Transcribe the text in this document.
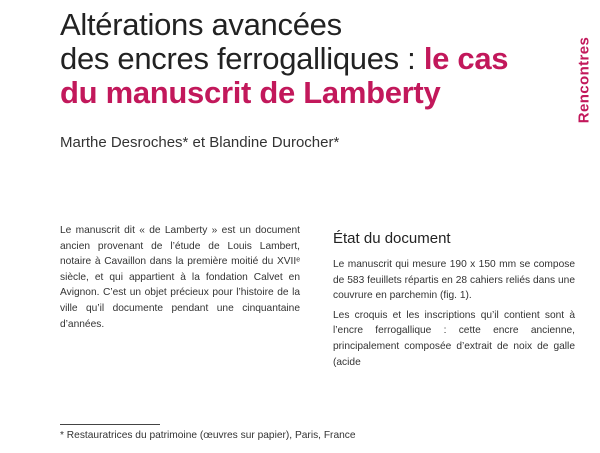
Altérations avancées
des encres ferrogalliques : le cas
du manuscrit de Lamberty
Marthe Desroches* et Blandine Durocher*
Rencontres
Le manuscrit dit « de Lamberty » est un document ancien provenant de l’étude de Louis Lambert, notaire à Cavaillon dans la première moitié du XVIIᵉ siècle, et qui appartient à la fondation Calvet en Avignon. C’est un objet précieux pour l’histoire de la ville qu’il documente pendant une cinquantaine d’années.
État du document

Le manuscrit qui mesure 190 x 150 mm se compose de 583 feuillets répartis en 28 cahiers reliés dans une couvrure en parchemin (fig. 1).

Les croquis et les inscriptions qu’il contient sont à l’encre ferrogallique : cette encre ancienne, principalement composée d’extrait de noix de galle (acide

* Restauratrices du patrimoine (œuvres sur papier), Paris, France
